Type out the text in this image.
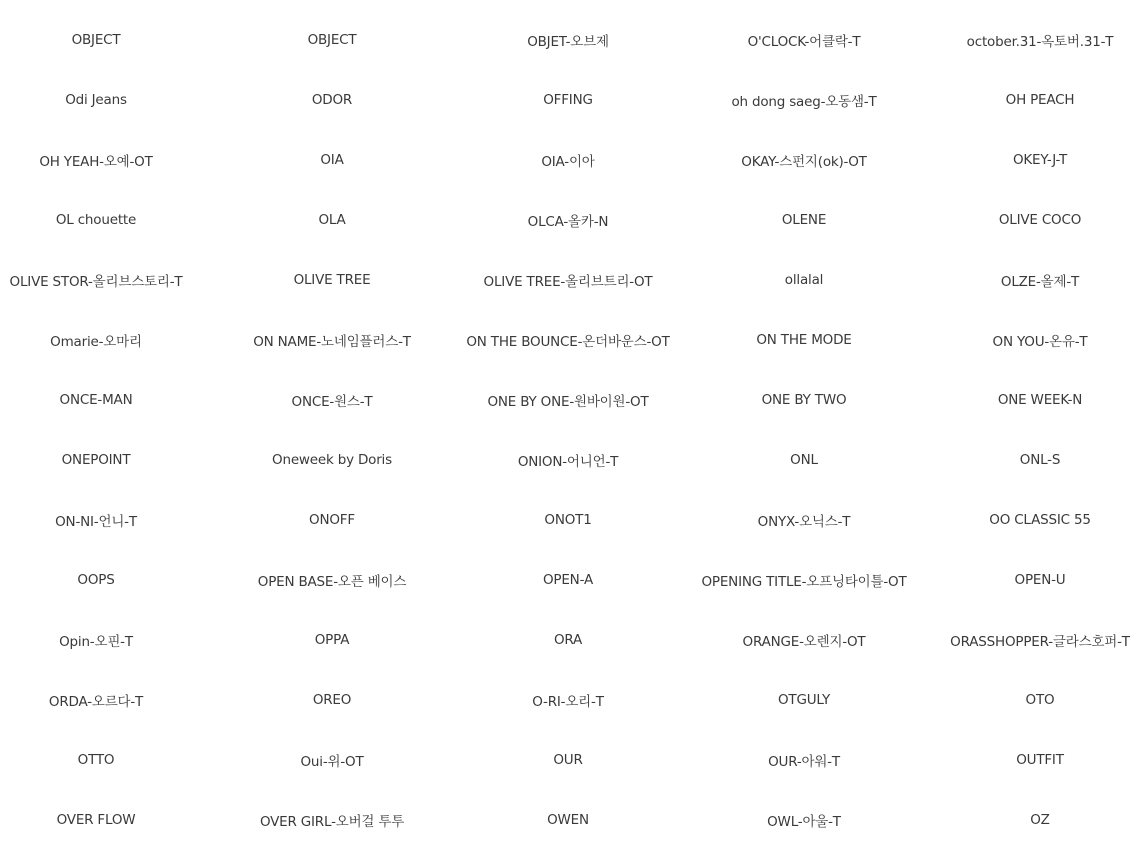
OBJECT	OBJECT	OBJET-오브제	O'CLOCK-어클락-T	october.31-옥토버.31-T
Odi Jeans	ODOR	OFFING	oh dong saeg-오동샘-T	OH PEACH
OH YEAH-오예-OT	OIA	OIA-이아	OKAY-스펀지(ok)-OT	OKEY-J-T
OL chouette	OLA	OLCA-올카-N	OLENE	OLIVE COCO
OLIVE STOR-올리브스토리-T	OLIVE TREE	OLIVE TREE-올리브트리-OT	ollalal	OLZE-올제-T
Omarie-오마리	ON NAME-노네임플러스-T	ON THE BOUNCE-온더바운스-OT	ON THE MODE	ON YOU-온유-T
ONCE-MAN	ONCE-원스-T	ONE BY ONE-원바이원-OT	ONE BY TWO	ONE WEEK-N
ONEPOINT	Oneweek by Doris	ONION-어니언-T	ONL	ONL-S
ON-NI-언니-T	ONOFF	ONOT1	ONYX-오닉스-T	OO CLASSIC 55
OOPS	OPEN BASE-오픈 베이스	OPEN-A	OPENING TITLE-오프닝타이틀-OT	OPEN-U
Opin-오핀-T	OPPA	ORA	ORANGE-오렌지-OT	ORASSHOPPER-글라스호퍼-T
ORDA-오르다-T	OREO	O-RI-오리-T	OTGULY	OTO
OTTO	Oui-위-OT	OUR	OUR-아워-T	OUTFIT
OVER FLOW	OVER GIRL-오버걸 투투	OWEN	OWL-아울-T	OZ
